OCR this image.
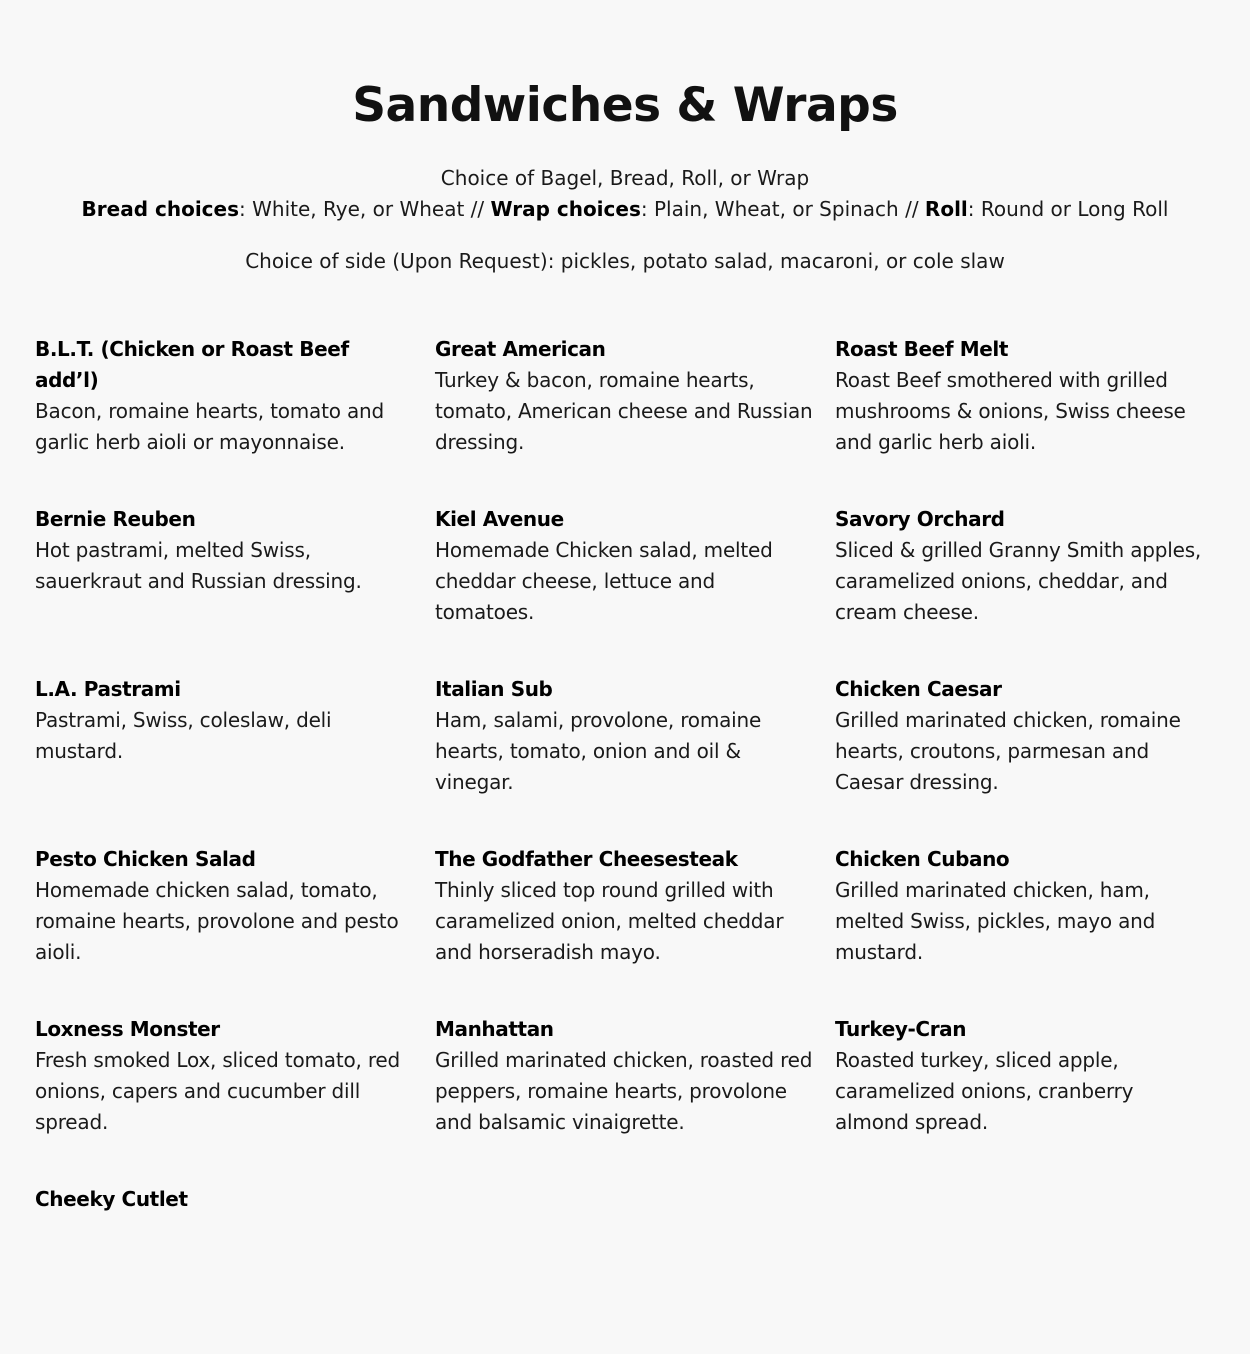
Sandwiches & Wraps
Choice of Bagel, Bread, Roll, or Wrap
Bread choices: White, Rye, or Wheat // Wrap choices: Plain, Wheat, or Spinach // Roll: Round or Long Roll
Choice of side (Upon Request): pickles, potato salad, macaroni, or cole slaw
B.L.T. (Chicken or Roast Beef add’l)
Bacon, romaine hearts, tomato and garlic herb aioli or mayonnaise.
Great American
Turkey & bacon, romaine hearts, tomato, American cheese and Russian dressing.
Roast Beef Melt
Roast Beef smothered with grilled mushrooms & onions, Swiss cheese and garlic herb aioli.
Bernie Reuben
Hot pastrami, melted Swiss, sauerkraut and Russian dressing.
Kiel Avenue
Homemade Chicken salad, melted cheddar cheese, lettuce and tomatoes.
Savory Orchard
Sliced & grilled Granny Smith apples, caramelized onions, cheddar, and cream cheese.
L.A. Pastrami
Pastrami, Swiss, coleslaw, deli mustard.
Italian Sub
Ham, salami, provolone, romaine hearts, tomato, onion and oil & vinegar.
Chicken Caesar
Grilled marinated chicken, romaine hearts, croutons, parmesan and Caesar dressing.
Pesto Chicken Salad
Homemade chicken salad, tomato, romaine hearts, provolone and pesto aioli.
The Godfather Cheesesteak
Thinly sliced top round grilled with caramelized onion, melted cheddar and horseradish mayo.
Chicken Cubano
Grilled marinated chicken, ham, melted Swiss, pickles, mayo and mustard.
Loxness Monster
Fresh smoked Lox, sliced tomato, red onions, capers and cucumber dill spread.
Manhattan
Grilled marinated chicken, roasted red peppers, romaine hearts, provolone and balsamic vinaigrette.
Turkey-Cran
Roasted turkey, sliced apple, caramelized onions, cranberry almond spread.
Cheeky Cutlet
